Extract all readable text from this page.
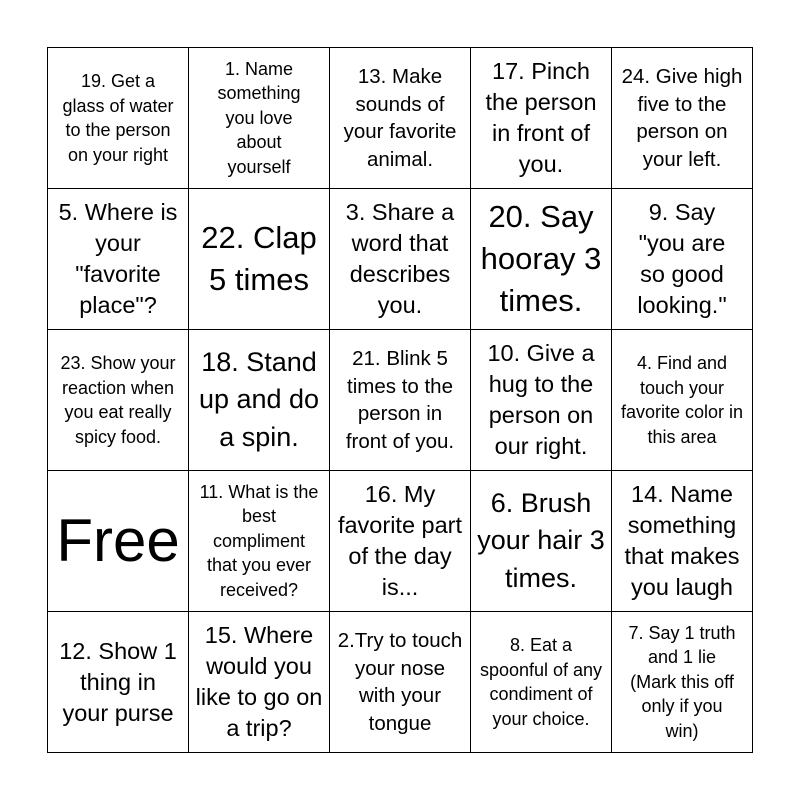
19. Get a glass of water to the person on your right
1. Name something you love about yourself
13. Make sounds of your favorite animal.
17. Pinch the person in front of you.
24. Give high five to the person on your left.
5. Where is your "favorite place"?
22. Clap 5 times
3. Share a word that describes you.
20. Say hooray 3 times.
9. Say "you are so good looking."
23. Show your reaction when you eat really spicy food.
18. Stand up and do a spin.
21. Blink 5 times to the person in front of you.
10. Give a hug to the person on our right.
4. Find and touch your favorite color in this area
Free
11. What is the best compliment that you ever received?
16. My favorite part of the day is...
6. Brush your hair 3 times.
14. Name something that makes you laugh
12. Show 1 thing in your purse
15. Where would you like to go on a trip?
2.Try to touch your nose with your tongue
8. Eat a spoonful of any condiment of your choice.
7. Say 1 truth and 1 lie (Mark this off only if you win)
